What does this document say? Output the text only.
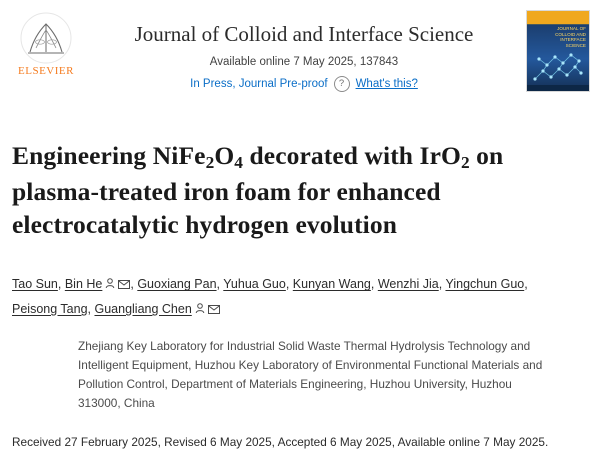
ELSEVIER
Journal of Colloid and Interface Science
Available online 7 May 2025, 137843
In Press, Journal Pre-proof	? What's this?
JOURNAL OF COLLOID AND INTERFACE SCIENCE
Engineering $NiFe_2O_4$ decorated with IrO$_2$ on plasma-treated iron foam for enhanced electrocatalytic hydrogen evolution
Tao Sun, Bin He , Guoxiang Pan, Yuhua Guo, Kunyan Wang, Wenzhi Jia, Yingchun Guo, Peisong Tang, Guangliang Chen
Zhejiang Key Laboratory for Industrial Solid Waste Thermal Hydrolysis Technology and Intelligent Equipment, Huzhou Key Laboratory of Environmental Functional Materials and Pollution Control, Department of Materials Engineering, Huzhou University, Huzhou 313000, China
Received 27 February 2025, Revised 6 May 2025, Accepted 6 May 2025, Available online 7 May 2025.
